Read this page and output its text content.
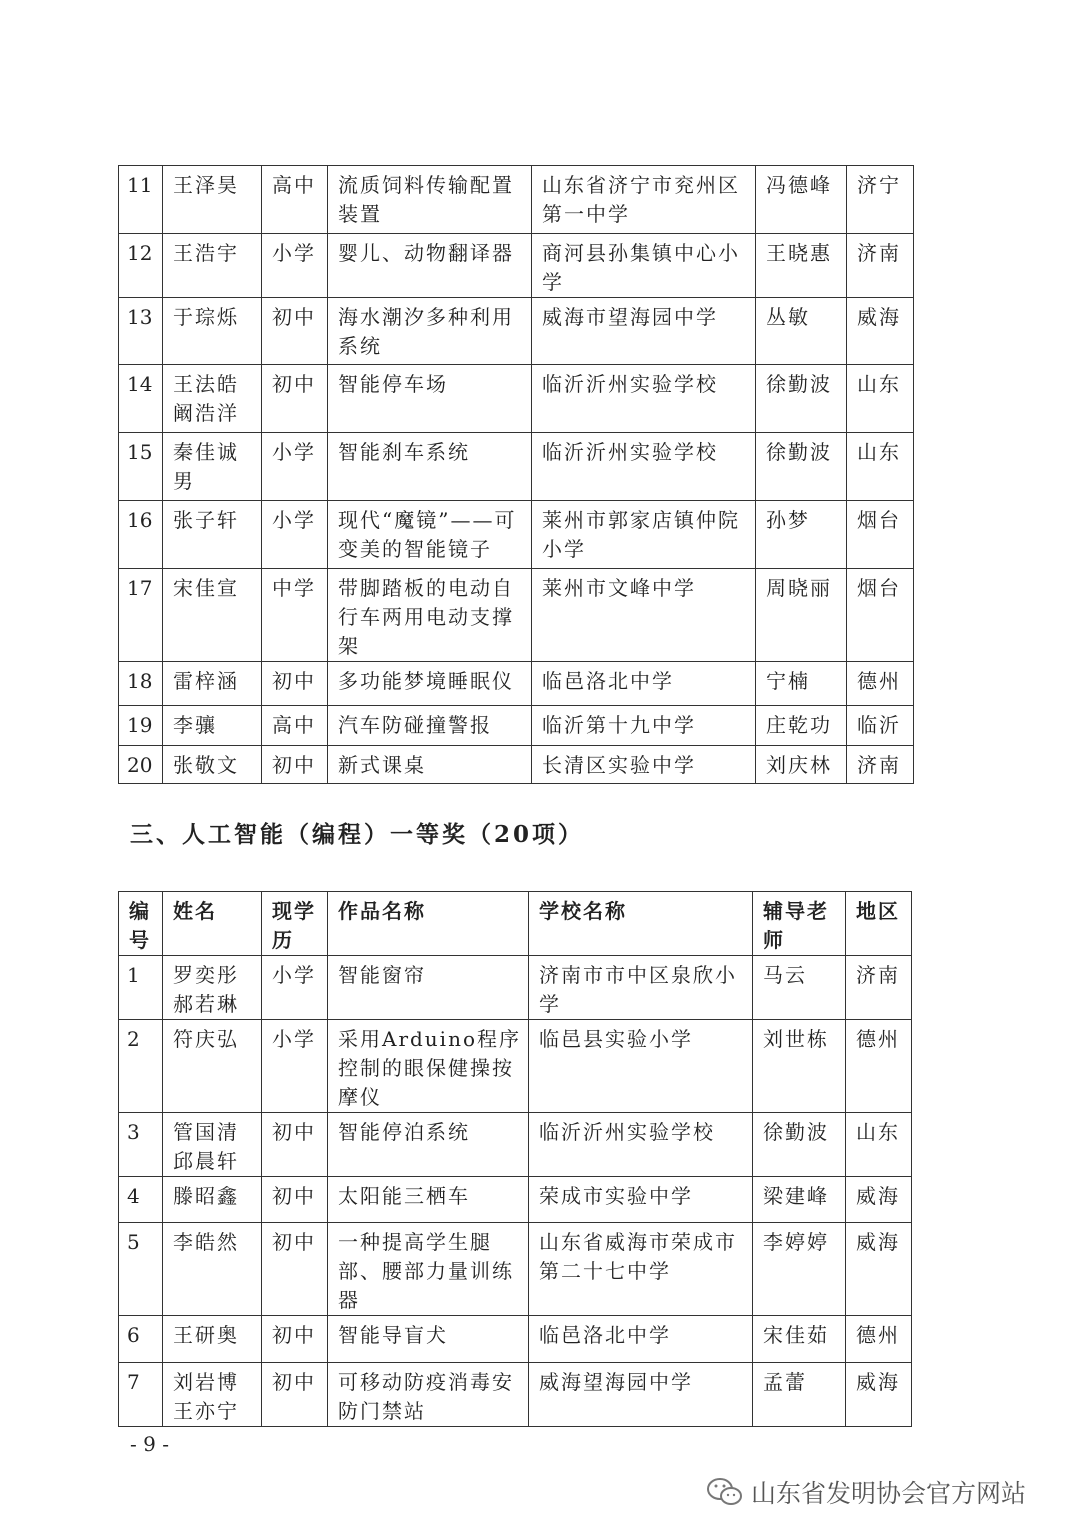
11	王泽昊	高中	流质饲料传输配置装置	山东省济宁市兖州区第一中学	冯德峰	济宁
12	王浩宇	小学	婴儿、动物翻译器	商河县孙集镇中心小学	王晓惠	济南
13	于琮烁	初中	海水潮汐多种利用系统	威海市望海园中学	丛敏	威海
14	王法皓阚浩洋	初中	智能停车场	临沂沂州实验学校	徐勤波	山东
15	秦佳诚男	小学	智能刹车系统	临沂沂州实验学校	徐勤波	山东
16	张子轩	小学	现代“魔镜”——可变美的智能镜子	莱州市郭家店镇仲院小学	孙梦	烟台
17	宋佳宣	中学	带脚踏板的电动自行车两用电动支撑架	莱州市文峰中学	周晓丽	烟台
18	雷梓涵	初中	多功能梦境睡眠仪	临邑洛北中学	宁楠	德州
19	李骧	高中	汽车防碰撞警报	临沂第十九中学	庄乾功	临沂
20	张敬文	初中	新式课桌	长清区实验中学	刘庆林	济南
三、人工智能（编程）一等奖（20项）
编号	姓名	现学历	作品名称	学校名称	辅导老师	地区
1	罗奕彤郝若琳	小学	智能窗帘	济南市市中区泉欣小学	马云	济南
2	符庆弘	小学	采用Arduino程序控制的眼保健操按摩仪	临邑县实验小学	刘世栋	德州
3	管国清邱晨轩	初中	智能停泊系统	临沂沂州实验学校	徐勤波	山东
4	滕昭鑫	初中	太阳能三栖车	荣成市实验中学	梁建峰	威海
5	李皓然	初中	一种提高学生腿部、腰部力量训练器	山东省威海市荣成市第二十七中学	李婷婷	威海
6	王研奥	初中	智能导盲犬	临邑洛北中学	宋佳茹	德州
7	刘岩博王亦宁	初中	可移动防疫消毒安防门禁站	威海望海园中学	孟蕾	威海
- 9 -
山东省发明协会官方网站
